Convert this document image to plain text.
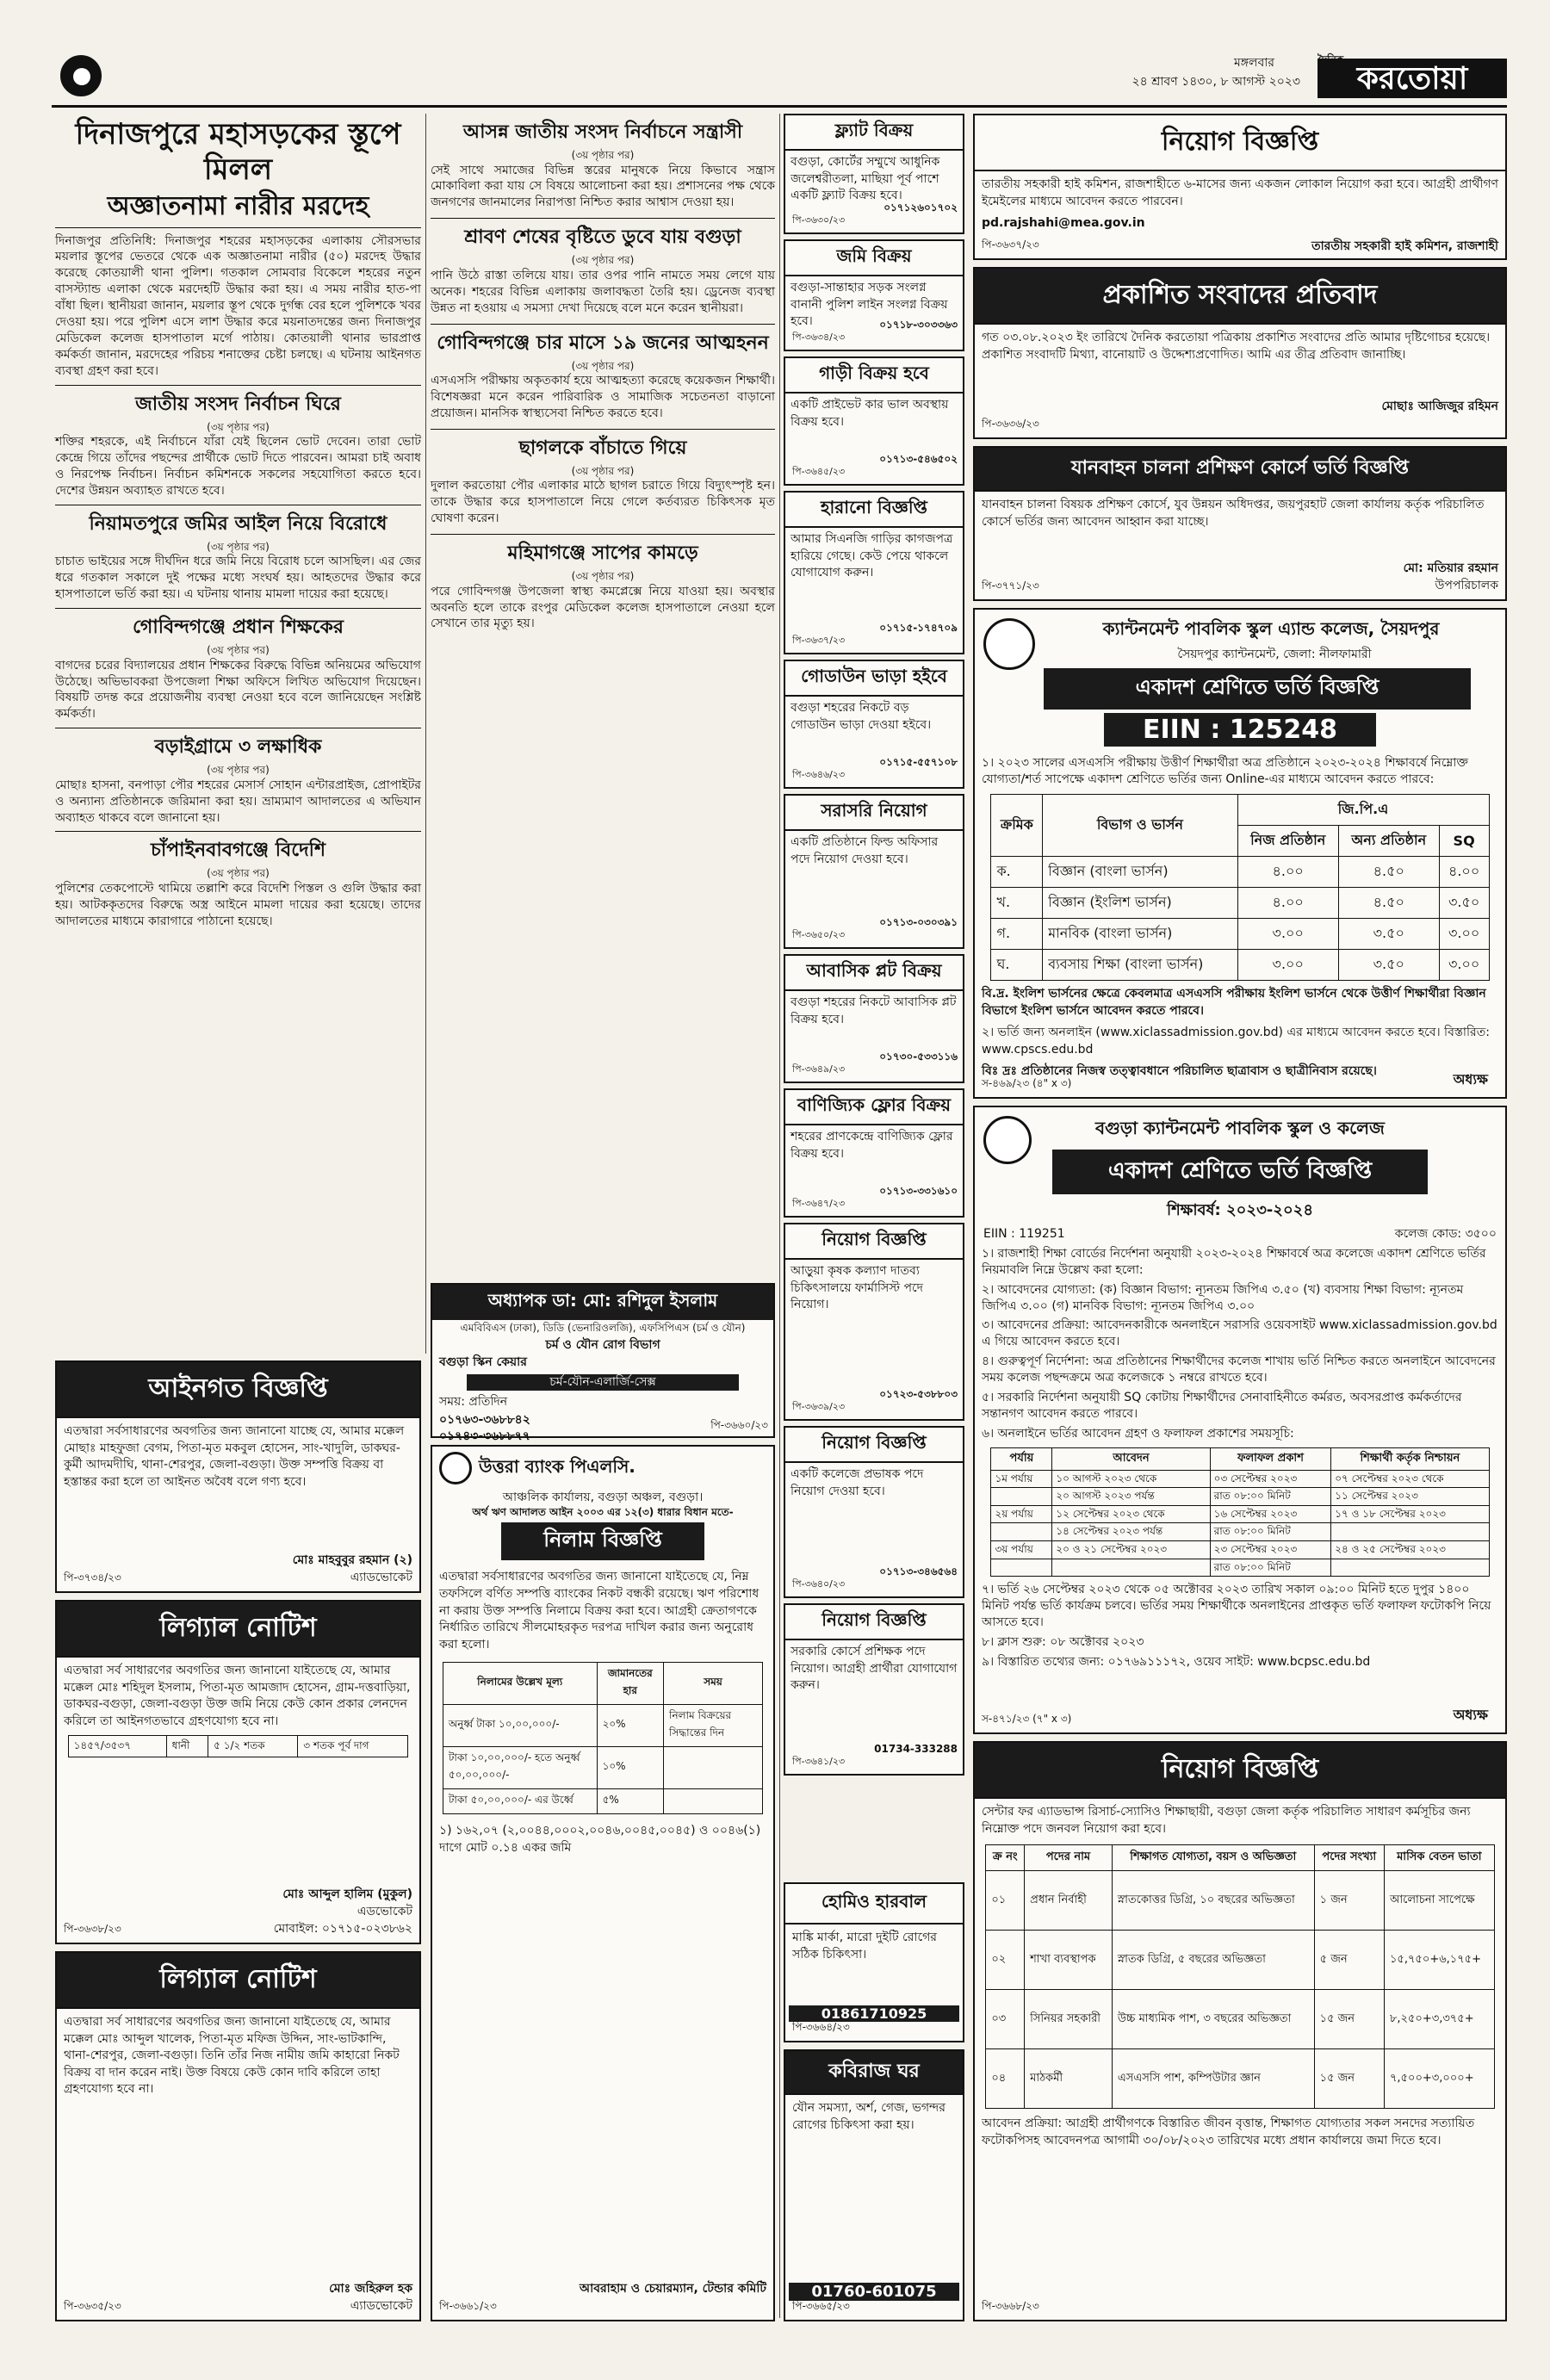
মঙ্গলবার
২৪ শ্রাবণ ১৪৩০, ৮ আগস্ট ২০২৩	করতোয়া
দিনাজপুরে মহাসড়কের স্তূপে মিলল
অজ্ঞাতনামা নারীর মরদেহ
দিনাজপুর প্রতিনিধি: দিনাজপুর শহরের মহাসড়কের এলাকায় সৌরসভার ময়লার স্তূপের ভেতরে থেকে এক অজ্ঞাতনামা নারীর (৫০) মরদেহ উদ্ধার করেছে কোতয়ালী থানা পুলিশ। গতকাল সোমবার বিকেলে শহরের নতুন বাসস্ট্যান্ড এলাকা থেকে মরদেহটি উদ্ধার করা হয়। এ সময় নারীর হাত-পা বাঁধা ছিল। স্থানীয়রা জানান, ময়লার স্তূপ থেকে দুর্গন্ধ বের হলে পুলিশকে খবর দেওয়া হয়। পরে পুলিশ এসে লাশ উদ্ধার করে ময়নাতদন্তের জন্য দিনাজপুর মেডিকেল কলেজ হাসপাতাল মর্গে পাঠায়। কোতয়ালী থানার ভারপ্রাপ্ত কর্মকর্তা জানান, মরদেহের পরিচয় শনাক্তের চেষ্টা চলছে। এ ঘটনায় আইনগত ব্যবস্থা গ্রহণ করা হবে।
জাতীয় সংসদ নির্বাচন ঘিরে
(৩য় পৃষ্ঠার পর)
শক্তির শহরকে, এই নির্বাচনে যাঁরা যেই ছিলেন ভোট দেবেন। তারা ভোট কেন্দ্রে গিয়ে তাঁদের পছন্দের প্রার্থীকে ভোট দিতে পারবেন। আমরা চাই অবাধ ও নিরপেক্ষ নির্বাচন। নির্বাচন কমিশনকে সকলের সহযোগিতা করতে হবে। দেশের উন্নয়ন অব্যাহত রাখতে হবে।
নিয়ামতপুরে জমির আইল নিয়ে বিরোধে
(৩য় পৃষ্ঠার পর)
চাচাত ভাইয়ের সঙ্গে দীর্ঘদিন ধরে জমি নিয়ে বিরোধ চলে আসছিল। এর জের ধরে গতকাল সকালে দুই পক্ষের মধ্যে সংঘর্ষ হয়। আহতদের উদ্ধার করে হাসপাতালে ভর্তি করা হয়। এ ঘটনায় থানায় মামলা দায়ের করা হয়েছে।
গোবিন্দগঞ্জে প্রধান শিক্ষকের
(৩য় পৃষ্ঠার পর)
বাগদের চরের বিদ্যালয়ের প্রধান শিক্ষকের বিরুদ্ধে বিভিন্ন অনিয়মের অভিযোগ উঠেছে। অভিভাবকরা উপজেলা শিক্ষা অফিসে লিখিত অভিযোগ দিয়েছেন। বিষয়টি তদন্ত করে প্রয়োজনীয় ব্যবস্থা নেওয়া হবে বলে জানিয়েছেন সংশ্লিষ্ট কর্মকর্তা।
বড়াইগ্রামে ৩ লক্ষাধিক
(৩য় পৃষ্ঠার পর)
মোছাঃ হাসনা, বনপাড়া পৌর শহরের মেসার্স সোহান এন্টারপ্রাইজ, প্রোপাইটর ও অন্যান্য প্রতিষ্ঠানকে জরিমানা করা হয়। ভ্রাম্যমাণ আদালতের এ অভিযান অব্যাহত থাকবে বলে জানানো হয়।
চাঁপাইনবাবগঞ্জে বিদেশি
(৩য় পৃষ্ঠার পর)
পুলিশের তেকপোস্টে থামিয়ে তল্লাশি করে বিদেশি পিস্তল ও গুলি উদ্ধার করা হয়। আটককৃতদের বিরুদ্ধে অস্ত্র আইনে মামলা দায়ের করা হয়েছে। তাদের আদালতের মাধ্যমে কারাগারে পাঠানো হয়েছে।
আসন্ন জাতীয় সংসদ নির্বাচনে সন্ত্রাসী
(৩য় পৃষ্ঠার পর)
সেই সাথে সমাজের বিভিন্ন স্তরের মানুষকে নিয়ে কিভাবে সন্ত্রাস মোকাবিলা করা যায় সে বিষয়ে আলোচনা করা হয়। প্রশাসনের পক্ষ থেকে জনগণের জানমালের নিরাপত্তা নিশ্চিত করার আশ্বাস দেওয়া হয়।
শ্রাবণ শেষের বৃষ্টিতে ডুবে যায় বগুড়া
(৩য় পৃষ্ঠার পর)
পানি উঠে রাস্তা তলিয়ে যায়। তার ওপর পানি নামতে সময় লেগে যায় অনেক। শহরের বিভিন্ন এলাকায় জলাবদ্ধতা তৈরি হয়। ড্রেনেজ ব্যবস্থা উন্নত না হওয়ায় এ সমস্যা দেখা দিয়েছে বলে মনে করেন স্থানীয়রা।
গোবিন্দগঞ্জে চার মাসে ১৯ জনের আত্মহনন
(৩য় পৃষ্ঠার পর)
এসএসসি পরীক্ষায় অকৃতকার্য হয়ে আত্মহত্যা করেছে কয়েকজন শিক্ষার্থী। বিশেষজ্ঞরা মনে করেন পারিবারিক ও সামাজিক সচেতনতা বাড়ানো প্রয়োজন। মানসিক স্বাস্থ্যসেবা নিশ্চিত করতে হবে।
ছাগলকে বাঁচাতে গিয়ে
(৩য় পৃষ্ঠার পর)
দুলাল করতোয়া পৌর এলাকার মাঠে ছাগল চরাতে গিয়ে বিদ্যুৎস্পৃষ্ট হন। তাকে উদ্ধার করে হাসপাতালে নিয়ে গেলে কর্তব্যরত চিকিৎসক মৃত ঘোষণা করেন।
মহিমাগঞ্জে সাপের কামড়ে
(৩য় পৃষ্ঠার পর)
পরে গোবিন্দগঞ্জ উপজেলা স্বাস্থ্য কমপ্লেক্সে নিয়ে যাওয়া হয়। অবস্থার অবনতি হলে তাকে রংপুর মেডিকেল কলেজ হাসপাতালে নেওয়া হলে সেখানে তার মৃত্যু হয়।
ফ্ল্যাট বিক্রয়
বগুড়া, কোর্টের সম্মুখে আধুনিক জলেশ্বরীতলা, মাছিয়া পূর্ব পাশে একটি ফ্ল্যাট বিক্রয় হবে।
০১৭১২৬০১৭০২
পি-৩৬৩০/২৩
জমি বিক্রয়
বগুড়া-সান্তাহার সড়ক সংলগ্ন বানানী পুলিশ লাইন সংলগ্ন বিক্রয় হবে।	০১৭১৮-৩০৩৩৬৩
পি-৩৬৩৪/২৩
গাড়ী বিক্রয় হবে
একটি প্রাইভেট কার ভাল অবস্থায় বিক্রয় হবে।
০১৭১৩-৫৪৬৫০২
পি-৩৬৪৫/২৩
হারানো বিজ্ঞপ্তি
আমার সিএনজি গাড়ির কাগজপত্র হারিয়ে গেছে। কেউ পেয়ে থাকলে যোগাযোগ করুন।
০১৭১৫-১৭৪৭০৯
পি-৩৬৩৭/২৩
গোডাউন ভাড়া হইবে
বগুড়া শহরের নিকটে বড় গোডাউন ভাড়া দেওয়া হইবে।
০১৭১৫-৫৫৭১০৮
পি-৩৬৪৬/২৩
সরাসরি নিয়োগ
একটি প্রতিষ্ঠানে ফিল্ড অফিসার পদে নিয়োগ দেওয়া হবে।
০১৭১৩-০৩০৩৯১
পি-৩৬৫০/২৩
আবাসিক প্লট বিক্রয়
বগুড়া শহরের নিকটে আবাসিক প্লট বিক্রয় হবে।
০১৭৩০-৫৩৩১১৬
পি-৩৬৪৯/২৩
বাণিজ্যিক ফ্লোর বিক্রয়
শহরের প্রাণকেন্দ্রে বাণিজ্যিক ফ্লোর বিক্রয় হবে।
০১৭১৩-৩৩১৬১০
পি-৩৬৪৭/২৩
নিয়োগ বিজ্ঞপ্তি
আড়ুয়া কৃষক কল্যাণ দাতব্য চিকিৎসালয়ে ফার্মাসিস্ট পদে নিয়োগ।
০১৭২৩-৫৩৮৮০৩
পি-৩৬৩৯/২৩
নিয়োগ বিজ্ঞপ্তি
একটি কলেজে প্রভাষক পদে নিয়োগ দেওয়া হবে।
০১৭১৩-৩৪৬৫৬৪
পি-৩৬৪০/২৩
নিয়োগ বিজ্ঞপ্তি
সরকারি কোর্সে প্রশিক্ষক পদে নিয়োগ। আগ্রহী প্রার্থীরা যোগাযোগ করুন।
01734-333288
পি-৩৬৪১/২৩
নিয়োগ বিজ্ঞপ্তি
তারতীয় সহকারী হাই কমিশন, রাজশাহীতে ৬-মাসের জন্য একজন লোকাল নিয়োগ করা হবে। আগ্রহী প্রার্থীগণ ইমেইলের মাধ্যমে আবেদন করতে পারবেন।
pd.rajshahi@mea.gov.in
তারতীয় সহকারী হাই কমিশন, রাজশাহী
পি-৩৬৩৭/২৩
প্রকাশিত সংবাদের প্রতিবাদ
গত ০৩.০৮.২০২৩ ইং তারিখে দৈনিক করতোয়া পত্রিকায় প্রকাশিত সংবাদের প্রতি আমার দৃষ্টিগোচর হয়েছে। প্রকাশিত সংবাদটি মিথ্যা, বানোয়াট ও উদ্দেশ্যপ্রণোদিত। আমি এর তীব্র প্রতিবাদ জানাচ্ছি।
মোছাঃ আজিজুর রহিমন
পি-৩৬৩৬/২৩
যানবাহন চালনা প্রশিক্ষণ কোর্সে ভর্তি বিজ্ঞপ্তি
যানবাহন চালনা বিষয়ক প্রশিক্ষণ কোর্সে, যুব উন্নয়ন অধিদপ্তর, জয়পুরহাট জেলা কার্যালয় কর্তৃক পরিচালিত কোর্সে ভর্তির জন্য আবেদন আহ্বান করা যাচ্ছে।
মো: মতিয়ার রহমান
উপপরিচালক
পি-৩৭৭১/২৩
ক্যান্টনমেন্ট পাবলিক স্কুল এ্যান্ড কলেজ, সৈয়দপুর
সৈয়দপুর ক্যান্টনমেন্ট, জেলা: নীলফামারী
একাদশ শ্রেণিতে ভর্তি বিজ্ঞপ্তি
EIIN : 125248
১। ২০২৩ সালের এসএসসি পরীক্ষায় উত্তীর্ণ শিক্ষার্থীরা অত্র প্রতিষ্ঠানে ২০২৩-২০২৪ শিক্ষাবর্ষে নিম্নোক্ত যোগ্যতা/শর্ত সাপেক্ষে একাদশ শ্রেণিতে ভর্তির জন্য Online-এর মাধ্যমে আবেদন করতে পারবে:
ক্রমিক	বিভাগ ও ভার্সন	জি.পি.এ		
		নিজ প্রতিষ্ঠান	অন্য প্রতিষ্ঠান	SQ
ক.	বিজ্ঞান (বাংলা ভার্সন)	৪.০০	৪.৫০	৪.০০
খ.	বিজ্ঞান (ইংলিশ ভার্সন)	৪.০০	৪.৫০	৩.৫০
গ.	মানবিক (বাংলা ভার্সন)	৩.০০	৩.৫০	৩.০০
ঘ.	ব্যবসায় শিক্ষা (বাংলা ভার্সন)	৩.০০	৩.৫০	৩.০০
বি.দ্র. ইংলিশ ভার্সনের ক্ষেত্রে কেবলমাত্র এসএসসি পরীক্ষায় ইংলিশ ভার্সনে থেকে উত্তীর্ণ শিক্ষার্থীরা বিজ্ঞান বিভাগে ইংলিশ ভার্সনে আবেদন করতে পারবে।
২। ভর্তি জন্য অনলাইন (www.xiclassadmission.gov.bd) এর মাধ্যমে আবেদন করতে হবে। বিস্তারিত: www.cpscs.edu.bd
বিঃ দ্রঃ প্রতিষ্ঠানের নিজস্ব তত্ত্বাবধানে পরিচালিত ছাত্রাবাস ও ছাত্রীনিবাস রয়েছে।	অধ্যক্ষ
স-৪৬৯/২৩ (৪" x ৩)
বগুড়া ক্যান্টনমেন্ট পাবলিক স্কুল ও কলেজ
একাদশ শ্রেণিতে ভর্তি বিজ্ঞপ্তি
শিক্ষাবর্ষ: ২০২৩-২০২৪
EIIN : 119251	কলেজ কোড: ৩৫০০
১। রাজশাহী শিক্ষা বোর্ডের নির্দেশনা অনুযায়ী ২০২৩-২০২৪ শিক্ষাবর্ষে অত্র কলেজে একাদশ শ্রেণিতে ভর্তির নিয়মাবলি নিম্নে উল্লেখ করা হলো:
২। আবেদনের যোগ্যতা: (ক) বিজ্ঞান বিভাগ: ন্যূনতম জিপিএ ৩.৫০ (খ) ব্যবসায় শিক্ষা বিভাগ: ন্যূনতম জিপিএ ৩.০০ (গ) মানবিক বিভাগ: ন্যূনতম জিপিএ ৩.০০
৩। আবেদনের প্রক্রিয়া: আবেদনকারীকে অনলাইনে সরাসরি ওয়েবসাইট www.xiclassadmission.gov.bd এ গিয়ে আবেদন করতে হবে।
৪। গুরুত্বপূর্ণ নির্দেশনা: অত্র প্রতিষ্ঠানের শিক্ষার্থীদের কলেজ শাখায় ভর্তি নিশ্চিত করতে অনলাইনে আবেদনের সময় কলেজ পছন্দক্রমে অত্র কলেজকে ১ নম্বরে রাখতে হবে।
৫। সরকারি নির্দেশনা অনুযায়ী SQ কোটায় শিক্ষার্থীদের সেনাবাহিনীতে কর্মরত, অবসরপ্রাপ্ত কর্মকর্তাদের সন্তানগণ আবেদন করতে পারবে।
৬। অনলাইনে ভর্তির আবেদন গ্রহণ ও ফলাফল প্রকাশের সময়সূচি:
পর্যায়	আবেদন	ফলাফল প্রকাশ	শিক্ষার্থী কর্তৃক নিশ্চায়ন
১ম পর্যায়	১০ আগস্ট ২০২৩ থেকে	০৩ সেপ্টেম্বর ২০২৩	০৭ সেপ্টেম্বর ২০২৩ থেকে
	২০ আগস্ট ২০২৩ পর্যন্ত	রাত ০৮:০০ মিনিট	১১ সেপ্টেম্বর ২০২৩
২য় পর্যায়	১২ সেপ্টেম্বর ২০২৩ থেকে	১৬ সেপ্টেম্বর ২০২৩	১৭ ও ১৮ সেপ্টেম্বর ২০২৩
	১৪ সেপ্টেম্বর ২০২৩ পর্যন্ত	রাত ০৮:০০ মিনিট	
৩য় পর্যায়	২০ ও ২১ সেপ্টেম্বর ২০২৩	২৩ সেপ্টেম্বর ২০২৩	২৪ ও ২৫ সেপ্টেম্বর ২০২৩
		রাত ০৮:০০ মিনিট	
৭। ভর্তি ২৬ সেপ্টেম্বর ২০২৩ থেকে ০৫ অক্টোবর ২০২৩ তারিখ সকাল ০৯:০০ মিনিট হতে দুপুর ১৪০০ মিনিট পর্যন্ত ভর্তি কার্যক্রম চলবে। ভর্তির সময় শিক্ষার্থীকে অনলাইনের প্রাপ্তকৃত ভর্তি ফলাফল ফটোকপি নিয়ে আসতে হবে।
৮। ক্লাস শুরু: ০৮ অক্টোবর ২০২৩
৯। বিস্তারিত তথ্যের জন্য: ০১৭৬৯১১১৭২, ওয়েব সাইট: www.bcpsc.edu.bd
অধ্যক্ষ
স-৪৭১/২৩ (৭" x ৩)
আইনগত বিজ্ঞপ্তি
এতদ্বারা সর্বসাধারণের অবগতির জন্য জানানো যাচ্ছে যে, আমার মক্কেল মোছাঃ মাহফুজা বেগম, পিতা-মৃত মকবুল হোসেন, সাং-খাদুলি, ডাকঘর-কুর্মী আদমদীঘি, থানা-শেরপুর, জেলা-বগুড়া। উক্ত সম্পত্তি বিক্রয় বা হস্তান্তর করা হলে তা আইনত অবৈধ বলে গণ্য হবে।
মোঃ মাহবুবুর রহমান (২)
এ্যাডভোকেট
পি-৩৭৩৪/২৩
লিগ্যাল নোটিশ
এতদ্বারা সর্ব সাধারণের অবগতির জন্য জানানো যাইতেছে যে, আমার মক্কেল মোঃ শহিদুল ইসলাম, পিতা-মৃত আমজাদ হোসেন, গ্রাম-দত্তবাড়িয়া, ডাকঘর-বগুড়া, জেলা-বগুড়া উক্ত জমি নিয়ে কেউ কোন প্রকার লেনদেন করিলে তা আইনগতভাবে গ্রহণযোগ্য হবে না।
১৪৫৭/৩৫৩৭	ধানী	৫ ১/২ শতক	৩ শতক পূর্ব দাগ
মোঃ আব্দুল হালিম (মুকুল)
এডভোকেট
মোবাইল: ০১৭১৫-০২৩৮৬২
পি-৩৬৩৮/২৩
লিগ্যাল নোটিশ
এতদ্বারা সর্ব সাধারণের অবগতির জন্য জানানো যাইতেছে যে, আমার মক্কেল মোঃ আব্দুল খালেক, পিতা-মৃত মফিজ উদ্দিন, সাং-ভাটকান্দি, থানা-শেরপুর, জেলা-বগুড়া। তিনি তাঁর নিজ নামীয় জমি কাহারো নিকট বিক্রয় বা দান করেন নাই। উক্ত বিষয়ে কেউ কোন দাবি করিলে তাহা গ্রহণযোগ্য হবে না।
মোঃ জহিরুল হক
এ্যাডভোকেট
পি-৩৬৩৫/২৩
অধ্যাপক ডা: মো: রশিদুল ইসলাম
এমবিবিএস (ঢাকা), ডিডি (ভেনারিওলজি), এফসিপিএস (চর্ম ও যৌন)
চর্ম ও যৌন রোগ বিভাগ
বগুড়া স্কিন কেয়ার
চর্ম-যৌন-এলার্জি-সেক্স
সময়: প্রতিদিন
০১৭৬৩-৩৬৮৮৪২
০১৭৪৩-৩৬৮৮৭৭
পি-৩৬৬০/২৩
উত্তরা ব্যাংক পিএলসি.
আঞ্চলিক কার্যালয়, বগুড়া অঞ্চল, বগুড়া।
অর্থ ঋণ আদালত আইন ২০০৩ এর ১২(৩) ধারার বিধান মতে-
নিলাম বিজ্ঞপ্তি
এতদ্বারা সর্বসাধারণের অবগতির জন্য জানানো যাইতেছে যে, নিম্ন তফসিলে বর্ণিত সম্পত্তি ব্যাংকের নিকট বন্ধকী রয়েছে। ঋণ পরিশোধ না করায় উক্ত সম্পত্তি নিলামে বিক্রয় করা হবে। আগ্রহী ক্রেতাগণকে নির্ধারিত তারিখে সীলমোহরকৃত দরপত্র দাখিল করার জন্য অনুরোধ করা হলো।
নিলামের উল্লেখ মূল্য	জামানতের হার	সময়
অনুর্ধ্ব টাকা ১০,০০,০০০/-	২০%	নিলাম বিক্রয়ের সিদ্ধান্তের দিন
টাকা ১০,০০,০০০/- হতে অনুর্ধ্ব ৫০,০০,০০০/-	১০%	
টাকা ৫০,০০,০০০/- এর উর্ধ্বে	৫%	
১) ১৬২,০৭ (২,০০৪৪,০০০২,০০৪৬,০০৪৫,০০৪৫) ও ০০৪৬(১) দাগে মোট ০.১৪ একর জমি
আবরাহাম ও চেয়ারম্যান, টেন্ডার কমিটি
পি-৩৬৬১/২৩
কবিরাজ ঘর
যৌন সমস্যা, অর্শ, গেজ, ভগন্দর রোগের চিকিৎসা করা হয়।
01760-601075
পি-৩৬৬৫/২৩
হোমিও হারবাল
মাঙ্কি মার্কা, মারো দুইটি রোগের সঠিক চিকিৎসা।
01861710925
পি-৩৬৬৪/২৩
নিয়োগ বিজ্ঞপ্তি
সেন্টার ফর এ্যাডভান্স রিসার্চ-স্যোসিও শিক্ষাছায়ী, বগুড়া জেলা কর্তৃক পরিচালিত সাধারণ কর্মসূচির জন্য নিম্নোক্ত পদে জনবল নিয়োগ করা হবে।
ক্র নং	পদের নাম	শিক্ষাগত যোগ্যতা, বয়স ও অভিজ্ঞতা	পদের সংখ্যা	মাসিক বেতন ভাতা
০১	প্রধান নির্বাহী	স্নাতকোত্তর ডিগ্রি, ১০ বছরের অভিজ্ঞতা	১ জন	আলোচনা সাপেক্ষে
০২	শাখা ব্যবস্থাপক	স্নাতক ডিগ্রি, ৫ বছরের অভিজ্ঞতা	৫ জন	১৫,৭৫০+৬,১৭৫+
০৩	সিনিয়র সহকারী	উচ্চ মাধ্যমিক পাশ, ৩ বছরের অভিজ্ঞতা	১৫ জন	৮,২৫০+৩,৩৭৫+
০৪	মাঠকর্মী	এসএসসি পাশ, কম্পিউটার জ্ঞান	১৫ জন	৭,৫০০+৩,০০০+
আবেদন প্রক্রিয়া: আগ্রহী প্রার্থীগণকে বিস্তারিত জীবন বৃত্তান্ত, শিক্ষাগত যোগ্যতার সকল সনদের সত্যায়িত ফটোকপিসহ আবেদনপত্র আগামী ৩০/০৮/২০২৩ তারিখের মধ্যে প্রধান কার্যালয়ে জমা দিতে হবে।
পি-৩৬৬৮/২৩
